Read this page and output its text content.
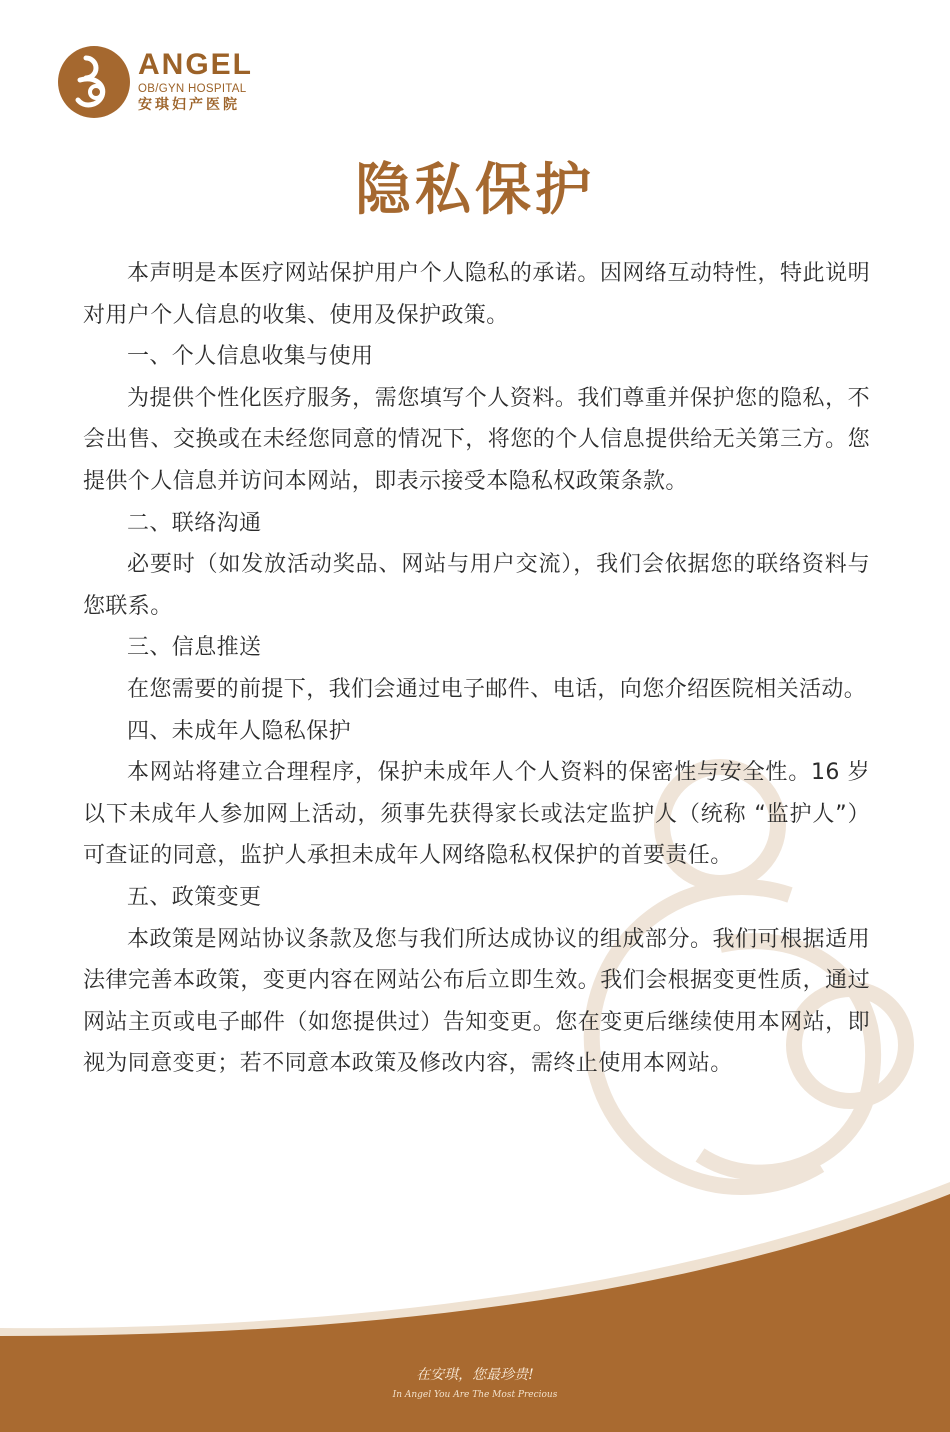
ANGEL
OB/GYN HOSPITAL
安琪妇产医院
隐私保护

本声明是本医疗网站保护用户个人隐私的承诺。因网络互动特性，特此说明对用户个人信息的收集、使用及保护政策。

一、个人信息收集与使用

为提供个性化医疗服务，需您填写个人资料。我们尊重并保护您的隐私，不会出售、交换或在未经您同意的情况下，将您的个人信息提供给无关第三方。您提供个人信息并访问本网站，即表示接受本隐私权政策条款。

二、联络沟通

必要时（如发放活动奖品、网站与用户交流），我们会依据您的联络资料与您联系。

三、信息推送

在您需要的前提下，我们会通过电子邮件、电话，向您介绍医院相关活动。

四、未成年人隐私保护

本网站将建立合理程序，保护未成年人个人资料的保密性与安全性。16 岁以下未成年人参加网上活动，须事先获得家长或法定监护人（统称 “监护人”）可查证的同意，监护人承担未成年人网络隐私权保护的首要责任。

五、政策变更

本政策是网站协议条款及您与我们所达成协议的组成部分。我们可根据适用法律完善本政策，变更内容在网站公布后立即生效。我们会根据变更性质，通过网站主页或电子邮件（如您提供过）告知变更。您在变更后继续使用本网站，即视为同意变更；若不同意本政策及修改内容，需终止使用本网站。

在安琪，您最珍贵!
In Angel You Are The Most Precious
